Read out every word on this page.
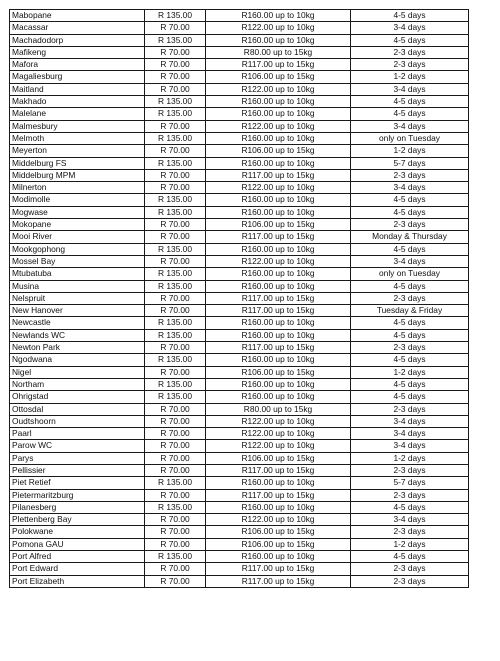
Mabopane	R 135.00	R160.00 up to 10kg	4-5 days
Macassar	R 70.00	R122.00 up to 10kg	3-4 days
Machadodorp	R 135.00	R160.00 up to 10kg	4-5 days
Mafikeng	R 70.00	R80.00 up to 15kg	2-3 days
Mafora	R 70.00	R117.00 up to 15kg	2-3 days
Magaliesburg	R 70.00	R106.00 up to 15kg	1-2 days
Maitland	R 70.00	R122.00 up to 10kg	3-4 days
Makhado	R 135.00	R160.00 up to 10kg	4-5 days
Malelane	R 135.00	R160.00 up to 10kg	4-5 days
Malmesbury	R 70.00	R122.00 up to 10kg	3-4 days
Melmoth	R 135.00	R160.00 up to 10kg	only on Tuesday
Meyerton	R 70.00	R106.00 up to 15kg	1-2 days
Middelburg FS	R 135.00	R160.00 up to 10kg	5-7 days
Middelburg MPM	R 70.00	R117.00 up to 15kg	2-3 days
Milnerton	R 70.00	R122.00 up to 10kg	3-4 days
Modimolle	R 135.00	R160.00 up to 10kg	4-5 days
Mogwase	R 135.00	R160.00 up to 10kg	4-5 days
Mokopane	R 70.00	R106.00 up to 15kg	2-3 days
Mooi River	R 70.00	R117.00 up to 15kg	Monday & Thursday
Mookgophong	R 135.00	R160.00 up to 10kg	4-5 days
Mossel Bay	R 70.00	R122.00 up to 10kg	3-4 days
Mtubatuba	R 135.00	R160.00 up to 10kg	only on Tuesday
Musina	R 135.00	R160.00 up to 10kg	4-5 days
Nelspruit	R 70.00	R117.00 up to 15kg	2-3 days
New Hanover	R 70.00	R117.00 up to 15kg	Tuesday & Friday
Newcastle	R 135.00	R160.00 up to 10kg	4-5 days
Newlands WC	R 135.00	R160.00 up to 10kg	4-5 days
Newton Park	R 70.00	R117.00 up to 15kg	2-3 days
Ngodwana	R 135.00	R160.00 up to 10kg	4-5 days
Nigel	R 70.00	R106.00 up to 15kg	1-2 days
Northam	R 135.00	R160.00 up to 10kg	4-5 days
Ohrigstad	R 135.00	R160.00 up to 10kg	4-5 days
Ottosdal	R 70.00	R80.00 up to 15kg	2-3 days
Oudtshoorn	R 70.00	R122.00 up to 10kg	3-4 days
Paarl	R 70.00	R122.00 up to 10kg	3-4 days
Parow WC	R 70.00	R122.00 up to 10kg	3-4 days
Parys	R 70.00	R106.00 up to 15kg	1-2 days
Pellissier	R 70.00	R117.00 up to 15kg	2-3 days
Piet Retief	R 135.00	R160.00 up to 10kg	5-7 days
Pietermaritzburg	R 70.00	R117.00 up to 15kg	2-3 days
Pilanesberg	R 135.00	R160.00 up to 10kg	4-5 days
Plettenberg Bay	R 70.00	R122.00 up to 10kg	3-4 days
Polokwane	R 70.00	R106.00 up to 15kg	2-3 days
Pomona GAU	R 70.00	R106.00 up to 15kg	1-2 days
Port Alfred	R 135.00	R160.00 up to 10kg	4-5 days
Port Edward	R 70.00	R117.00 up to 15kg	2-3 days
Port Elizabeth	R 70.00	R117.00 up to 15kg	2-3 days
